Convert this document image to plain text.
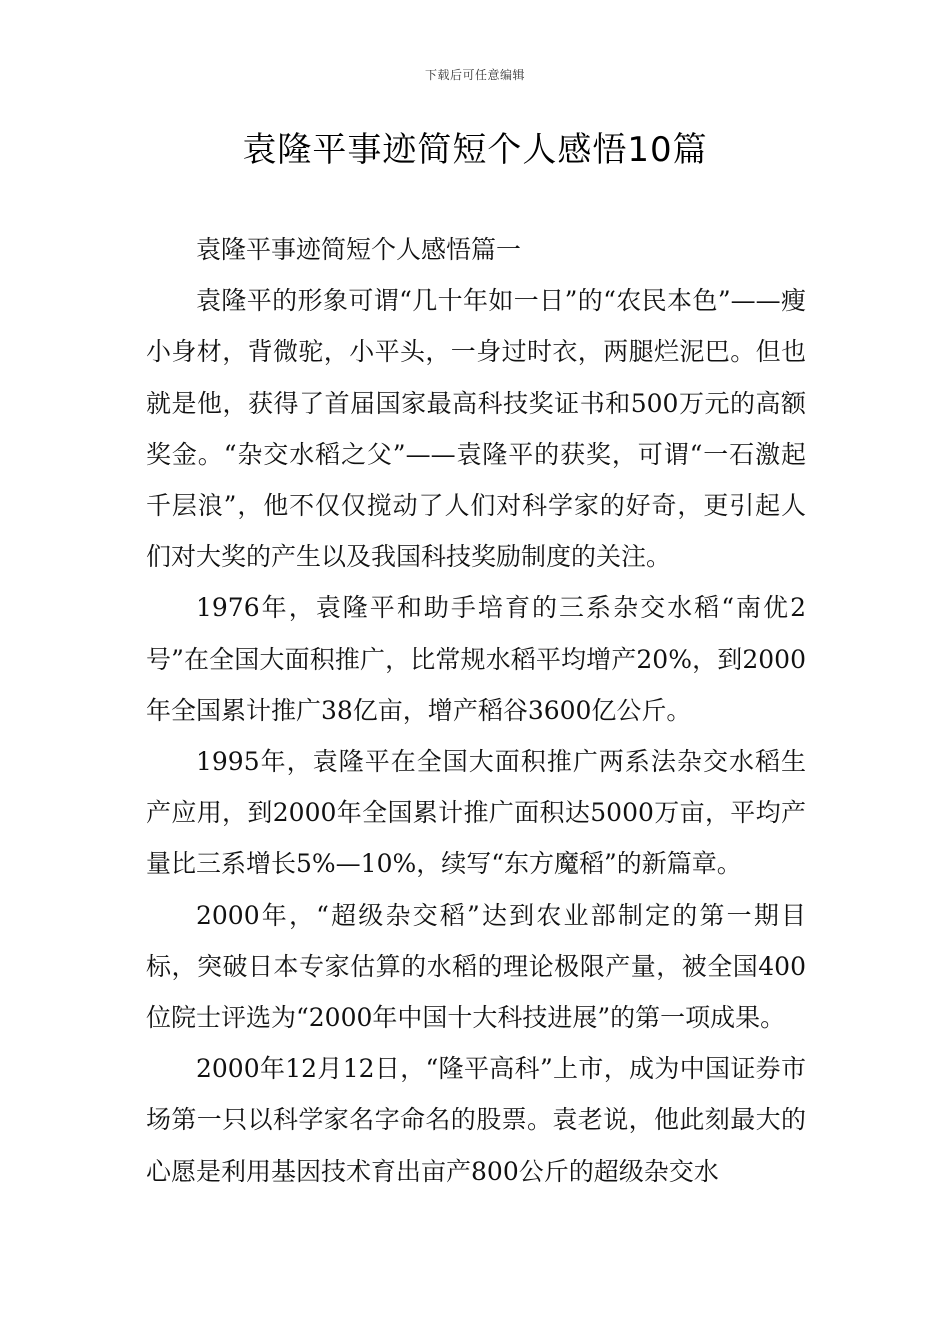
下载后可任意编辑
袁隆平事迹简短个人感悟10篇

袁隆平事迹简短个人感悟篇一

袁隆平的形象可谓“几十年如一日”的“农民本色”——瘦小身材，背微驼，小平头，一身过时衣，两腿烂泥巴。但也就是他，获得了首届国家最高科技奖证书和500万元的高额奖金。“杂交水稻之父”——袁隆平的获奖，可谓“一石激起千层浪”，他不仅仅搅动了人们对科学家的好奇，更引起人们对大奖的产生以及我国科技奖励制度的关注。

1976年，袁隆平和助手培育的三系杂交水稻“南优2号”在全国大面积推广，比常规水稻平均增产20%，到2000年全国累计推广38亿亩，增产稻谷3600亿公斤。

1995年，袁隆平在全国大面积推广两系法杂交水稻生产应用，到2000年全国累计推广面积达5000万亩，平均产量比三系增长5%—10%，续写“东方魔稻”的新篇章。

2000年，“超级杂交稻”达到农业部制定的第一期目标，突破日本专家估算的水稻的理论极限产量，被全国400位院士评选为“2000年中国十大科技进展”的第一项成果。

2000年12月12日，“隆平高科”上市，成为中国证券市场第一只以科学家名字命名的股票。袁老说，他此刻最大的心愿是利用基因技术育出亩产800公斤的超级杂交水
